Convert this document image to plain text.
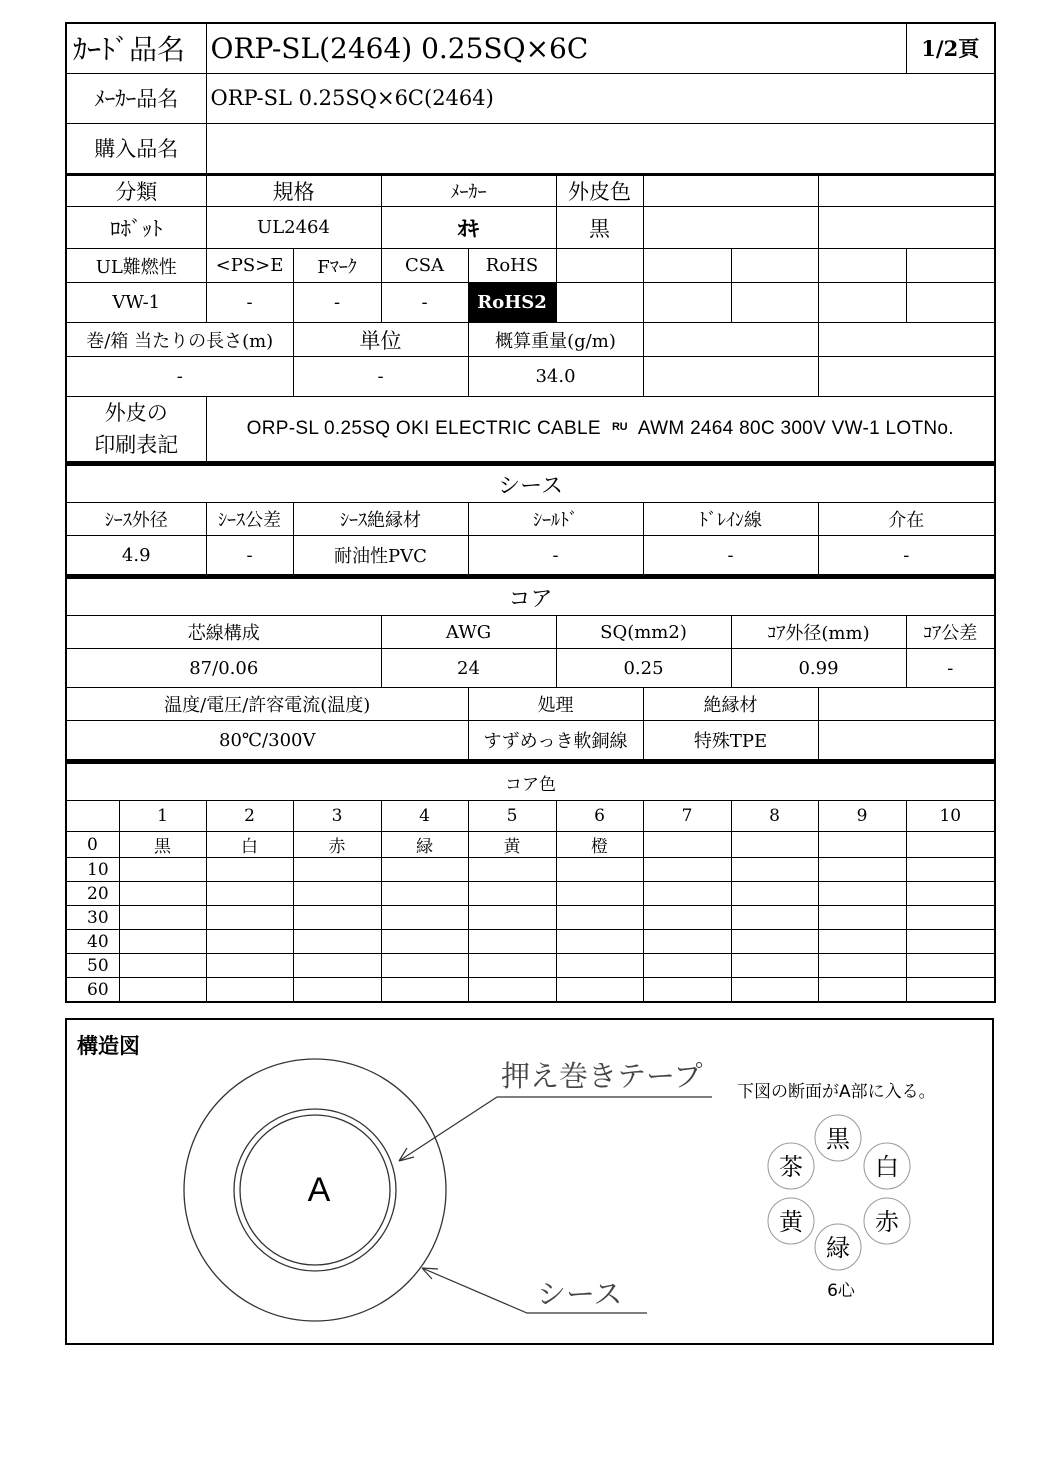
ｶｰﾄﾞ品名	ORP-SL(2464) 0.25SQ×6C	1/2頁
ﾒｰｶｰ品名	ORP-SL 0.25SQ×6C(2464)	
購入品名		
分類	規格		ﾒｰｶｰ		外皮色				
ﾛﾎﾞｯﾄ	UL2464		ｵｷ		黒				
UL難燃性	<PS>E	Fﾏｰｸ	CSA	RoHS					
VW-1	-	-	-	RoHS2					
巻/箱 当たりの長さ(m)		単位		概算重量(g/m)					
-		-		34.0					

外皮の
印刷表記	ORP-SL 0.25SQ OKI ELECTRIC CABLE ᴿᵁ AWM 2464 80C 300V VW-1 LOTNo.								
シース					
ｼｰｽ外径	ｼｰｽ公差	ｼｰｽ絶縁材	ｼｰﾙﾄﾞ	ﾄﾞﾚｲﾝ線	介在
4.9	-	耐油性PVC	-	-	-
コア							
芯線構成	AWG		SQ(mm2)		ｺｱ外径(mm)		ｺｱ公差
87/0.06	24		0.25		0.99		-
温度/電圧/許容電流(温度)		処理		絶縁材			
80℃/300V		すずめっき軟銅線		特殊TPE			
コア色										
	1	2	3	4	5	6	7	8	9	10
0	黒	白	赤	緑	黄	橙				
10										
20										
30										
40										
50										
60										
構造図
A
押え巻きテープ
シース
下図の断面がA部に入る。
黒
白
赤
緑
黄
茶
6心
